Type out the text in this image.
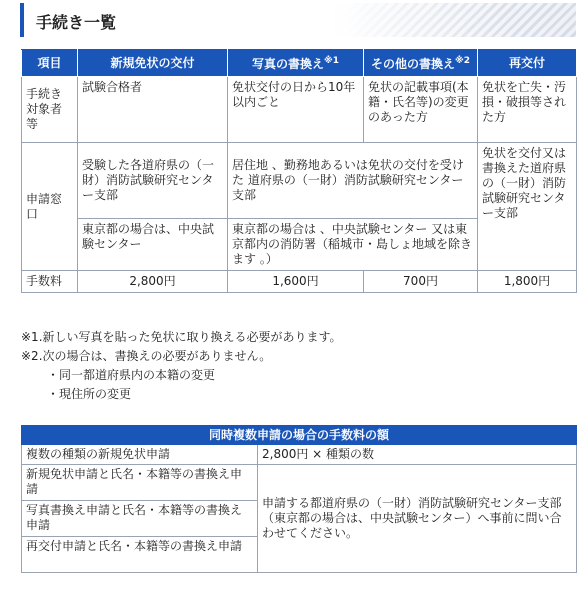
手続き一覧
項目	新規免状の交付	写真の書換え$^{※1}$	その他の書換え$^{※2}$	再交付
手続き対象者等	試験合格者	免状交付の日から10年以内ごと	免状の記載事項(本籍・氏名等)の変更のあった方	免状を亡失・汚損・破損等された方
申請窓口	受験した各道府県の（一財）消防試験研究センター支部	居住地 、勤務地あるいは免状の交付を受けた 道府県の（一財）消防試験研究センター支部		免状を交付又は書換えた道府県の（一財）消防試験研究センター支部

	東京都の場合は、中央試験センター	東京都の場合は 、中央試験センター 又は東京都内の消防署（稲城市・島しょ地域を除きます 。）		
手数料	2,800円	1,600円	700円	1,800円
※1.新しい写真を貼った免状に取り換える必要があります。
※2.次の場合は、書換えの必要がありません。
・同一都道府県内の本籍の変更
・現住所の変更
同時複数申請の場合の手数料の額	
複数の種類の新規免状申請	2,800円 × 種類の数
新規免状申請と氏名・本籍等の書換え申請	申請する都道府県の（一財）消防試験研究センター支部（東京都の場合は、中央試験センター）へ事前に問い合わせてください。
写真書換え申請と氏名・本籍等の書換え申請	
再交付申請と氏名・本籍等の書換え申請	
